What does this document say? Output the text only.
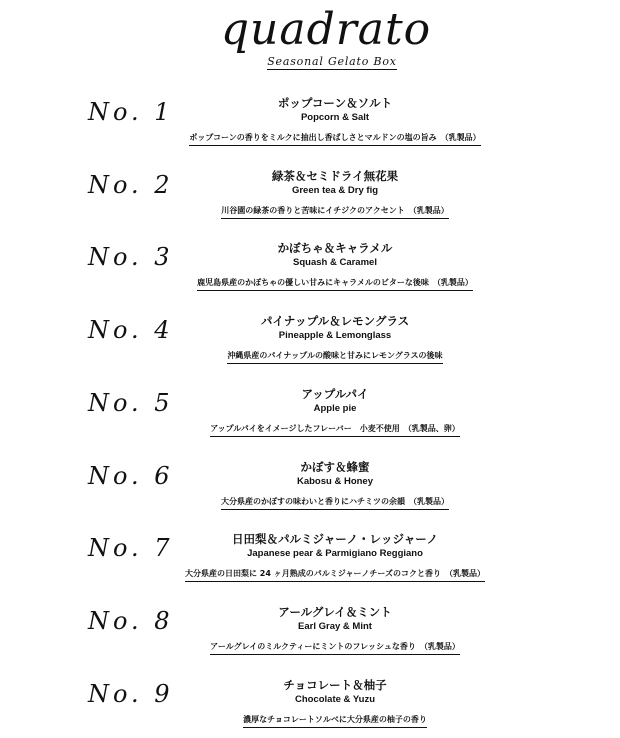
quadrato
Seasonal Gelato Box
No. 1	ポップコーン＆ソルト
Popcorn & Salt
ポップコーンの香りをミルクに抽出し香ばしさとマルドンの塩の旨み　（乳製品）
No. 2	緑茶＆セミドライ無花果
Green tea & Dry fig
川谷園の緑茶の香りと苦味にイチジクのアクセント　（乳製品）
No. 3	かぼちゃ＆キャラメル
Squash & Caramel
鹿児島県産のかぼちゃの優しい甘みにキャラメルのビターな後味　（乳製品）
No. 4	パイナップル＆レモングラス
Pineapple & Lemonglass
沖縄県産のパイナップルの酸味と甘みにレモングラスの後味
No. 5	アップルパイ
Apple pie
アップルパイをイメージしたフレーバー　小麦不使用　（乳製品、卵）
No. 6	かぼす＆蜂蜜
Kabosu & Honey
大分県産のかぼすの味わいと香りにハチミツの余韻　（乳製品）
No. 7	日田梨＆パルミジャーノ・レッジャーノ
Japanese pear & Parmigiano Reggiano
大分県産の日田梨に 24 ヶ月熟成のパルミジャーノチーズのコクと香り　（乳製品）
No. 8	アールグレイ＆ミント
Earl Gray & Mint
アールグレイのミルクティーにミントのフレッシュな香り　（乳製品）
No. 9	チョコレート＆柚子
Chocolate & Yuzu
濃厚なチョコレートソルベに大分県産の柚子の香り
